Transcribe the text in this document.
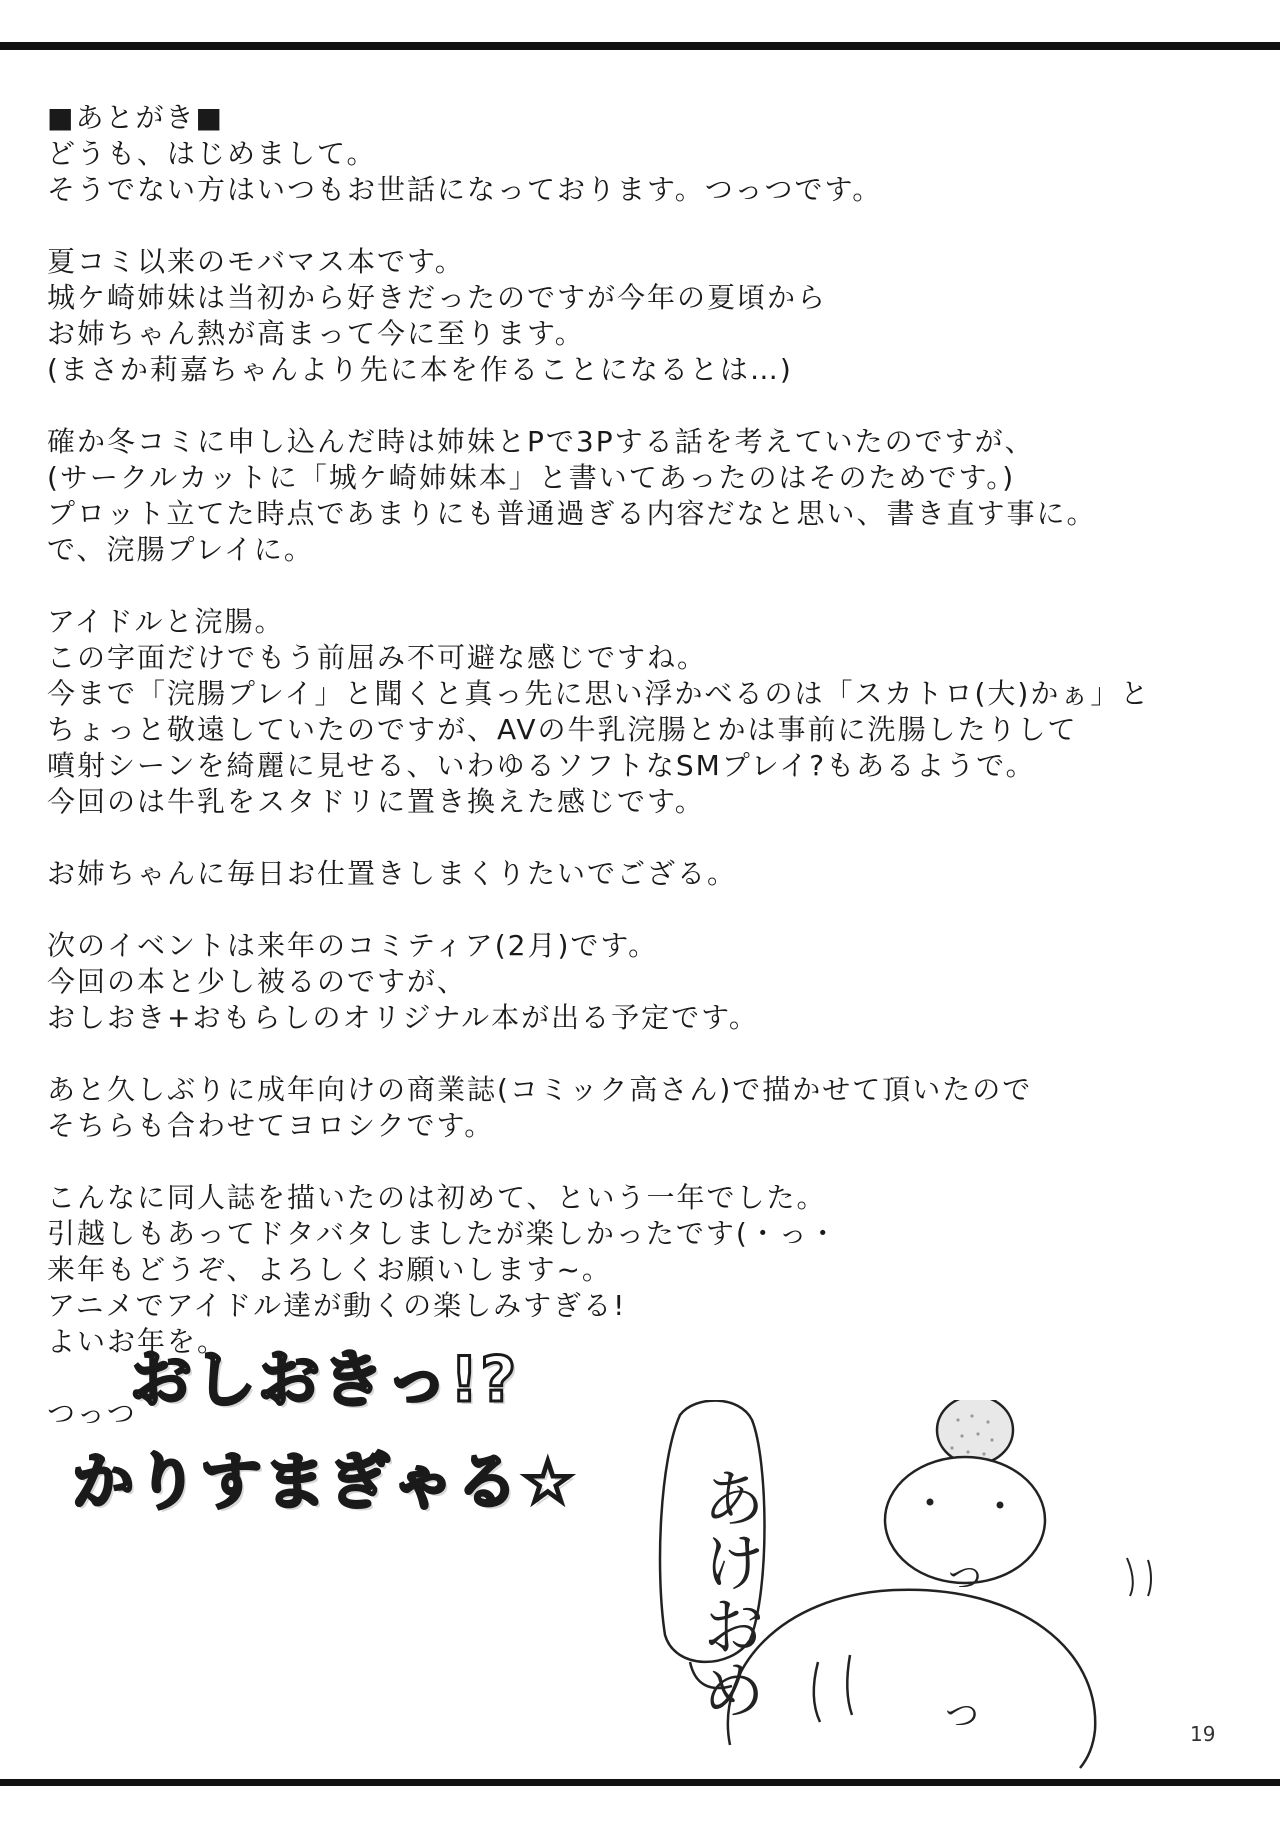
■あとがき■
どうも、はじめまして。
そうでない方はいつもお世話になっております。つっつです。
夏コミ以来のモバマス本です。
城ケ崎姉妹は当初から好きだったのですが今年の夏頃から
お姉ちゃん熱が高まって今に至ります。
(まさか莉嘉ちゃんより先に本を作ることになるとは…)
確か冬コミに申し込んだ時は姉妹とPで3Pする話を考えていたのですが、
(サークルカットに「城ケ崎姉妹本」と書いてあったのはそのためです。)
プロット立てた時点であまりにも普通過ぎる内容だなと思い、書き直す事に。
で、浣腸プレイに。
アイドルと浣腸。
この字面だけでもう前屈み不可避な感じですね。
今まで「浣腸プレイ」と聞くと真っ先に思い浮かべるのは「スカトロ(大)かぁ」と
ちょっと敬遠していたのですが、AVの牛乳浣腸とかは事前に洗腸したりして
噴射シーンを綺麗に見せる、いわゆるソフトなSMプレイ?もあるようで。
今回のは牛乳をスタドリに置き換えた感じです。
お姉ちゃんに毎日お仕置きしまくりたいでござる。
次のイベントは来年のコミティア(2月)です。
今回の本と少し被るのですが、
おしおき+おもらしのオリジナル本が出る予定です。
あと久しぶりに成年向けの商業誌(コミック高さん)で描かせて頂いたので
そちらも合わせてヨロシクです。
こんなに同人誌を描いたのは初めて、という一年でした。
引越しもあってドタバタしましたが楽しかったです(・っ・
来年もどうぞ、よろしくお願いします~。
アニメでアイドル達が動くの楽しみすぎる!
よいお年を。
つっつ
おしおきっ!?
かりすまぎゃる☆ あけおめ	つ
つ	19
